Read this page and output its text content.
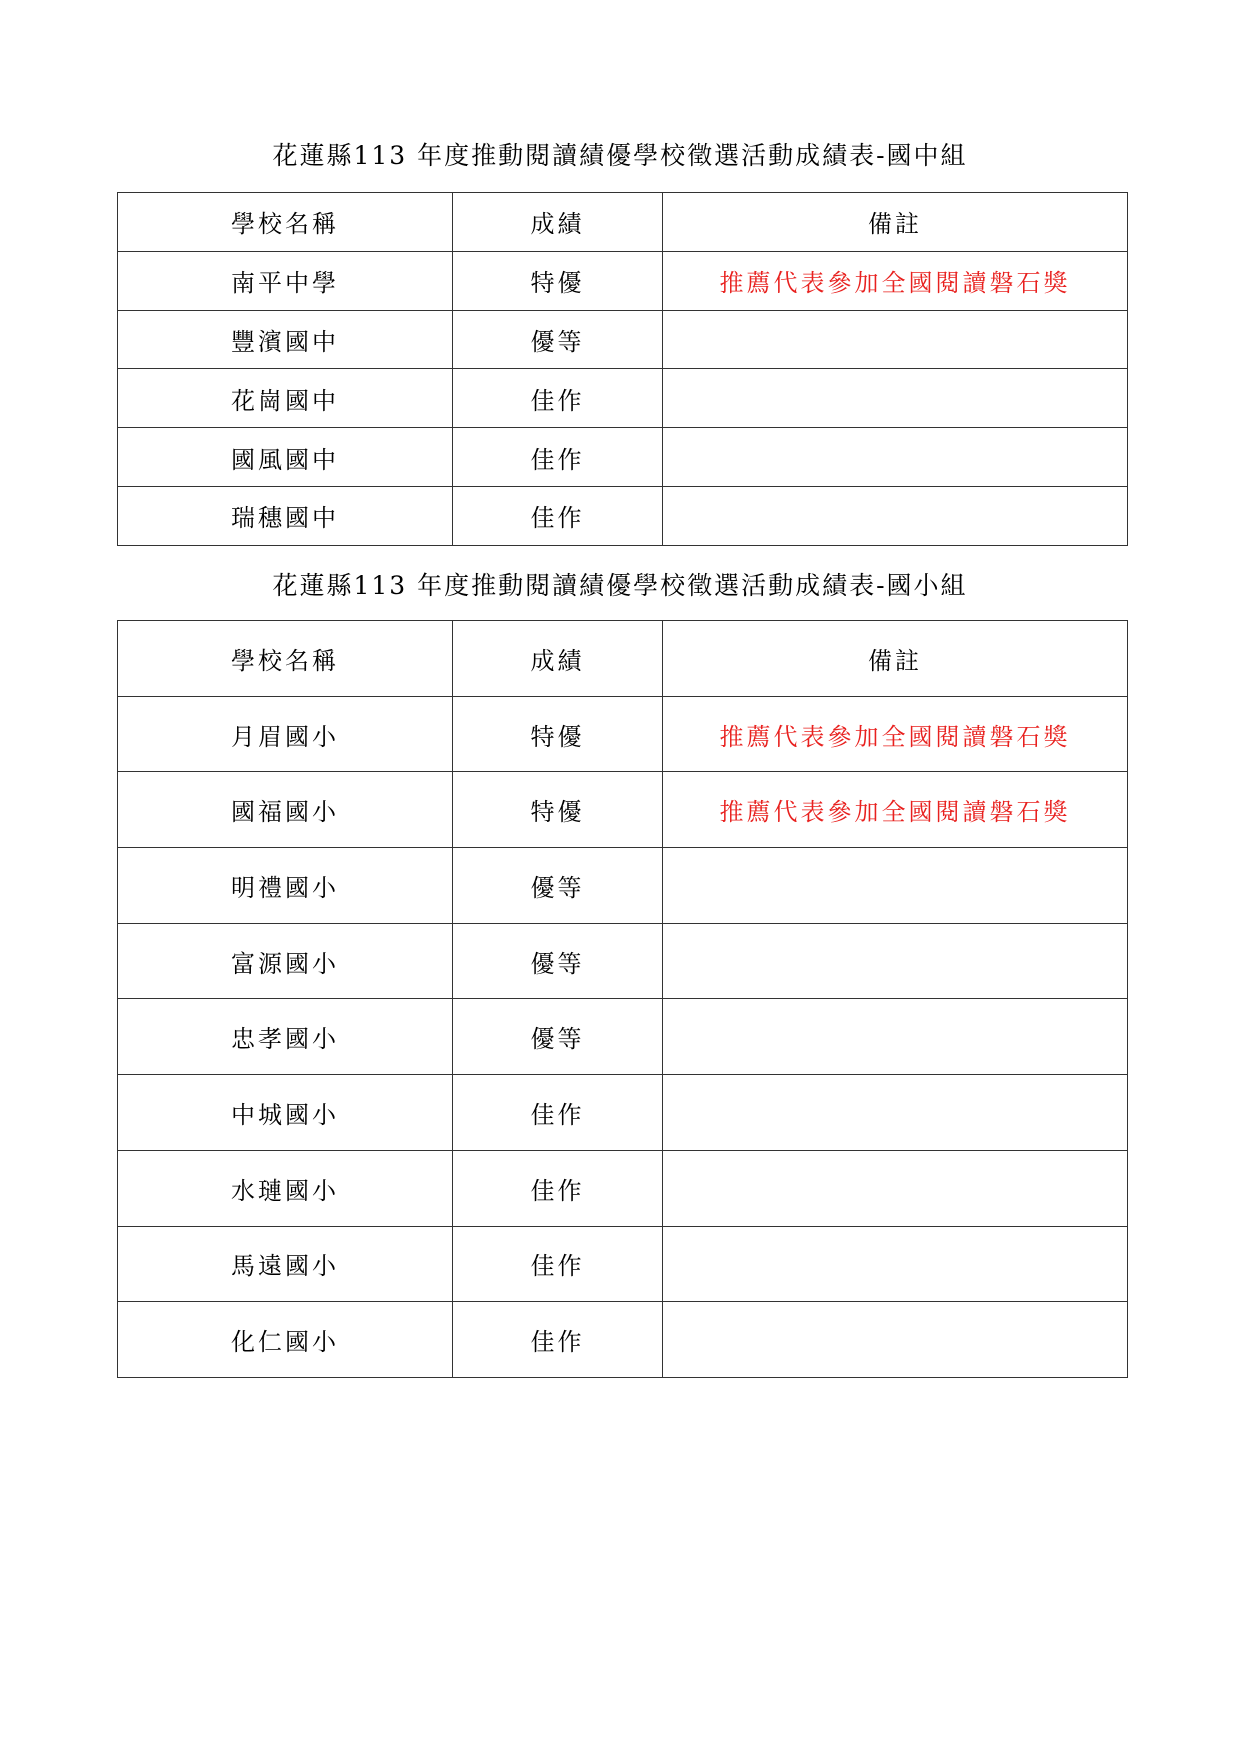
花蓮縣113 年度推動閱讀績優學校徵選活動成績表-國中組
學校名稱	成績	備註
南平中學	特優	推薦代表參加全國閱讀磐石獎
豐濱國中	優等	
花崗國中	佳作	
國風國中	佳作	
瑞穗國中	佳作	
花蓮縣113 年度推動閱讀績優學校徵選活動成績表-國小組
學校名稱	成績	備註
月眉國小	特優	推薦代表參加全國閱讀磐石獎
國福國小	特優	推薦代表參加全國閱讀磐石獎
明禮國小	優等	
富源國小	優等	
忠孝國小	優等	
中城國小	佳作	
水璉國小	佳作	
馬遠國小	佳作	
化仁國小	佳作	
